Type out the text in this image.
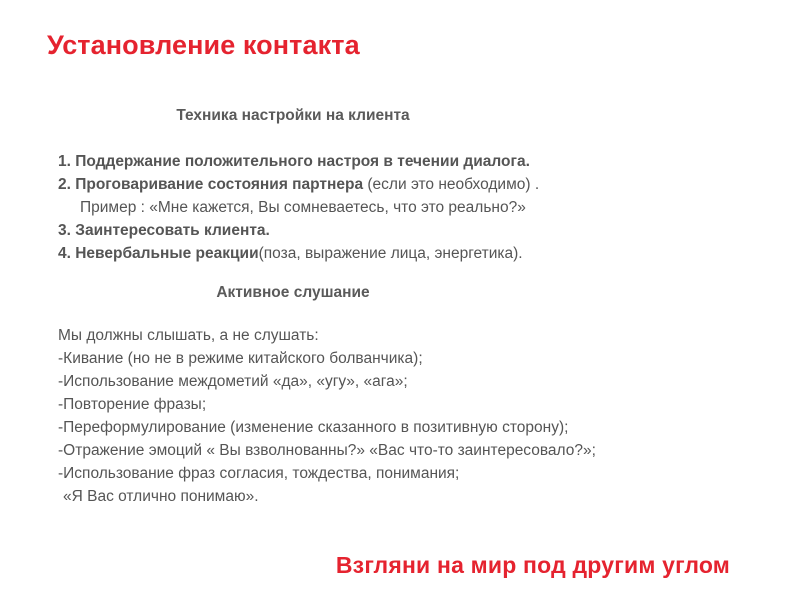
Установление контакта
Техника настройки на клиента
1. Поддержание положительного настроя в течении диалога.
2. Проговаривание состояния партнера (если это необходимо) .
Пример : «Мне кажется, Вы сомневаетесь, что это реально?»
3. Заинтересовать клиента.
4. Невербальные реакции(поза, выражение лица, энергетика).
Активное слушание
Мы должны слышать, а не слушать:
-Кивание (но не в режиме китайского болванчика);
-Использование междометий «да», «угу», «ага»;
-Повторение фразы;
-Переформулирование (изменение сказанного в позитивную сторону);
-Отражение эмоций « Вы взволнованны?» «Вас что-то заинтересовало?»;
-Использование фраз согласия, тождества, понимания;
«Я Вас отлично понимаю».
Взгляни на мир под другим углом
